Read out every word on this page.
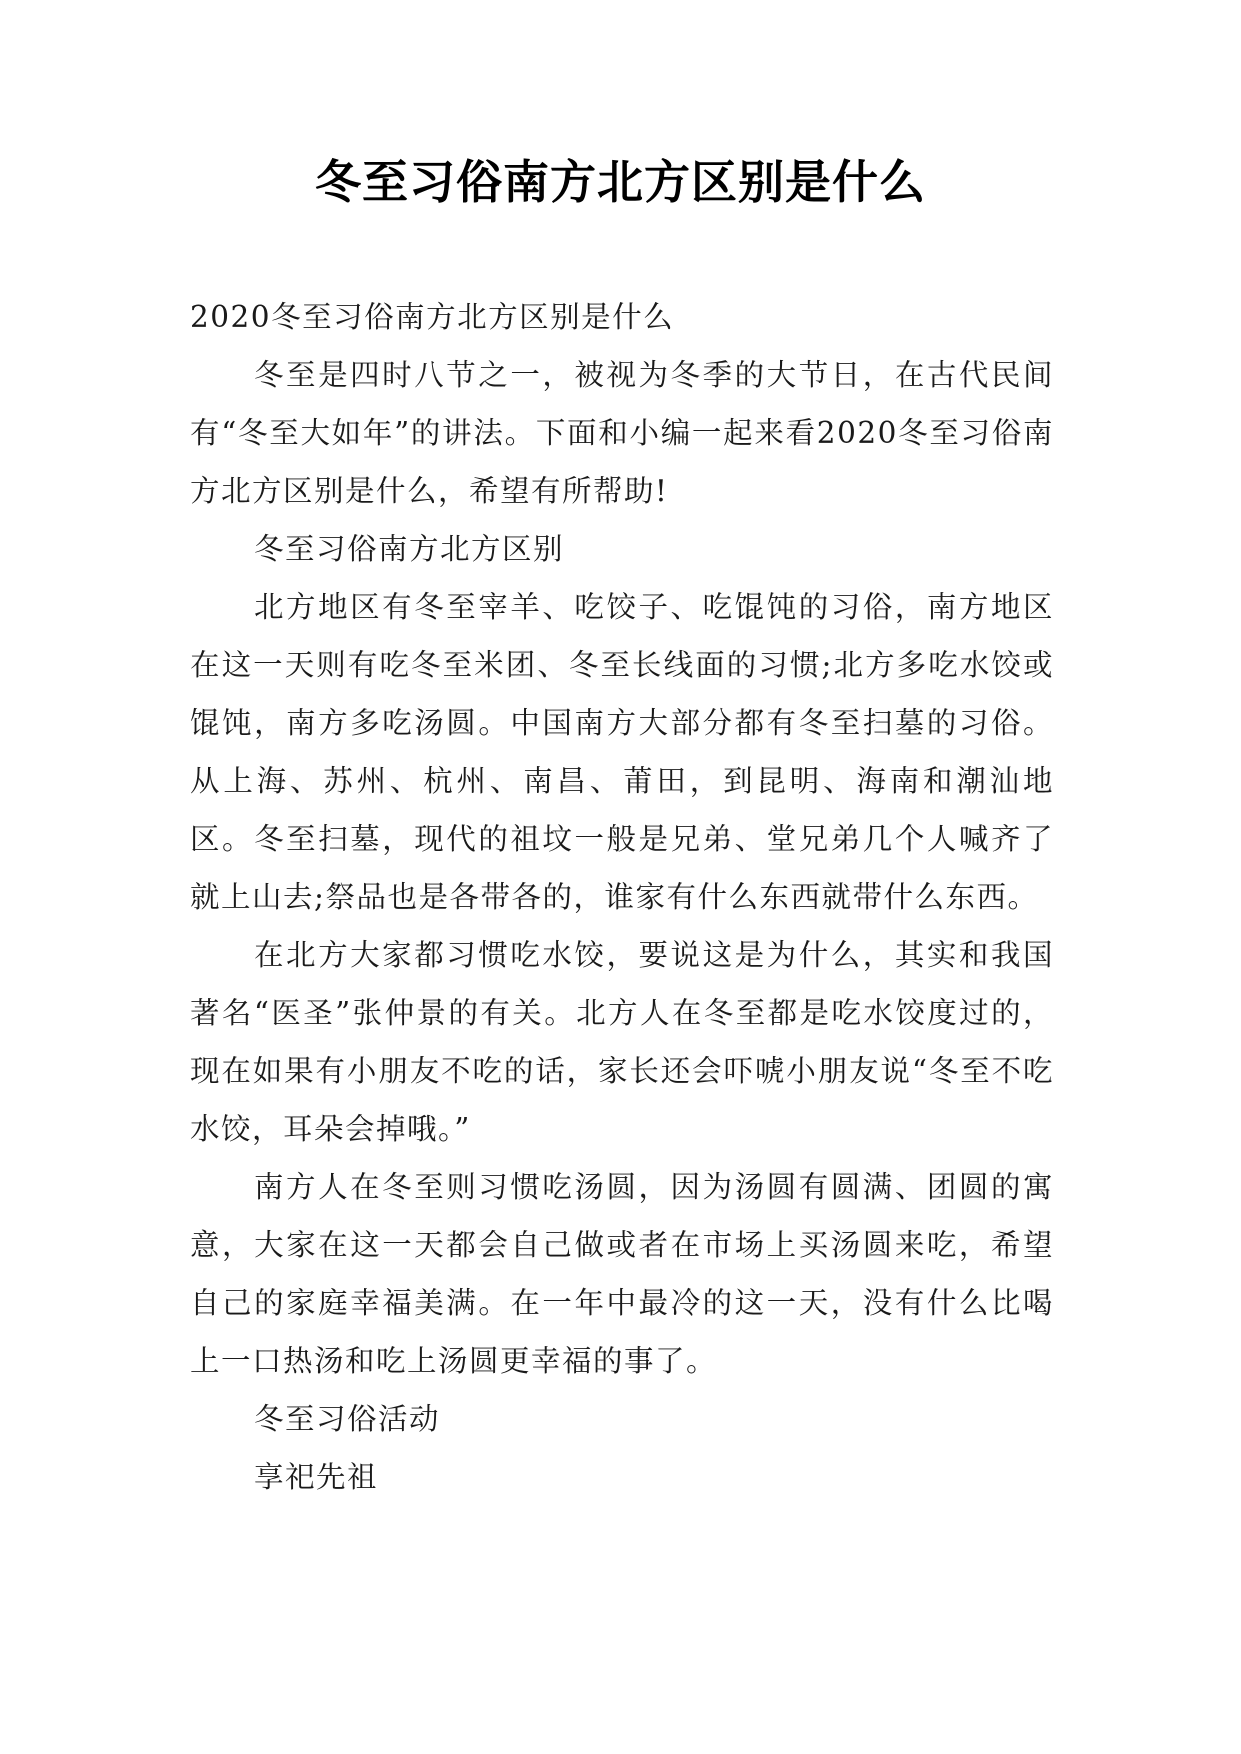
冬至习俗南方北方区别是什么

2020冬至习俗南方北方区别是什么

冬至是四时八节之一，被视为冬季的大节日，在古代民间有“冬至大如年”的讲法。下面和小编一起来看2020冬至习俗南方北方区别是什么，希望有所帮助!

冬至习俗南方北方区别

北方地区有冬至宰羊、吃饺子、吃馄饨的习俗，南方地区在这一天则有吃冬至米团、冬至长线面的习惯;北方多吃水饺或馄饨，南方多吃汤圆。中国南方大部分都有冬至扫墓的习俗。从上海、苏州、杭州、南昌、莆田，到昆明、海南和潮汕地区。冬至扫墓，现代的祖坟一般是兄弟、堂兄弟几个人喊齐了就上山去;祭品也是各带各的，谁家有什么东西就带什么东西。

在北方大家都习惯吃水饺，要说这是为什么，其实和我国著名“医圣”张仲景的有关。北方人在冬至都是吃水饺度过的，现在如果有小朋友不吃的话，家长还会吓唬小朋友说“冬至不吃水饺，耳朵会掉哦。”

南方人在冬至则习惯吃汤圆，因为汤圆有圆满、团圆的寓意，大家在这一天都会自己做或者在市场上买汤圆来吃，希望自己的家庭幸福美满。在一年中最冷的这一天，没有什么比喝上一口热汤和吃上汤圆更幸福的事了。

冬至习俗活动

享祀先祖
